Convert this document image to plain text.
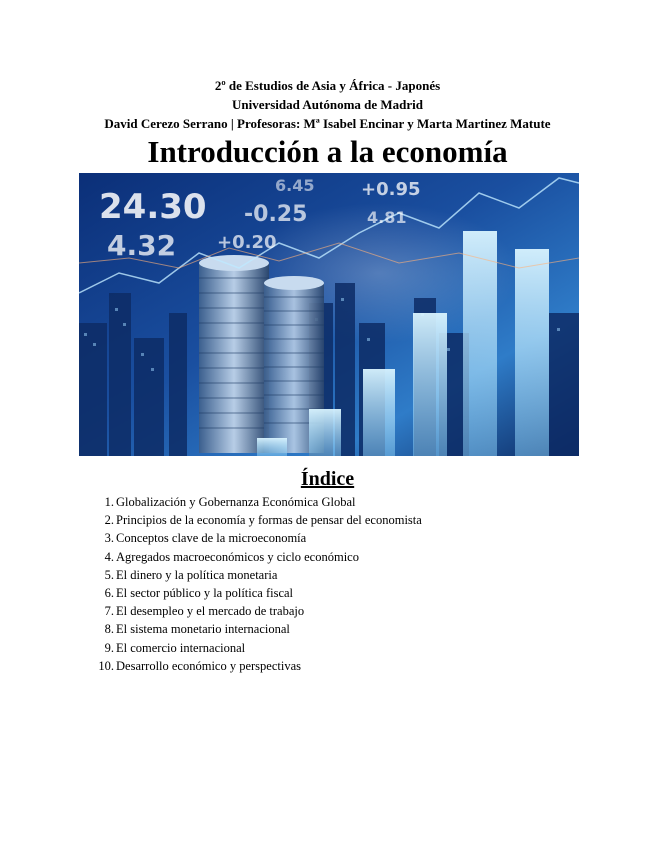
2º de Estudios de Asia y África - Japonés
Universidad Autónoma de Madrid
David Cerezo Serrano | Profesoras: Mª Isabel Encinar y Marta Martinez Matute
Introducción a la economía
24.30
4.32
-0.25
+0.20
+0.95
4.81
6.45
Índice
1. Globalización y Gobernanza Económica Global
2. Principios de la economía y formas de pensar del economista
3. Conceptos clave de la microeconomía
4. Agregados macroeconómicos y ciclo económico
5. El dinero y la política monetaria
6. El sector público y la política fiscal
7. El desempleo y el mercado de trabajo
8. El sistema monetario internacional
9. El comercio internacional
10. Desarrollo económico y perspectivas
